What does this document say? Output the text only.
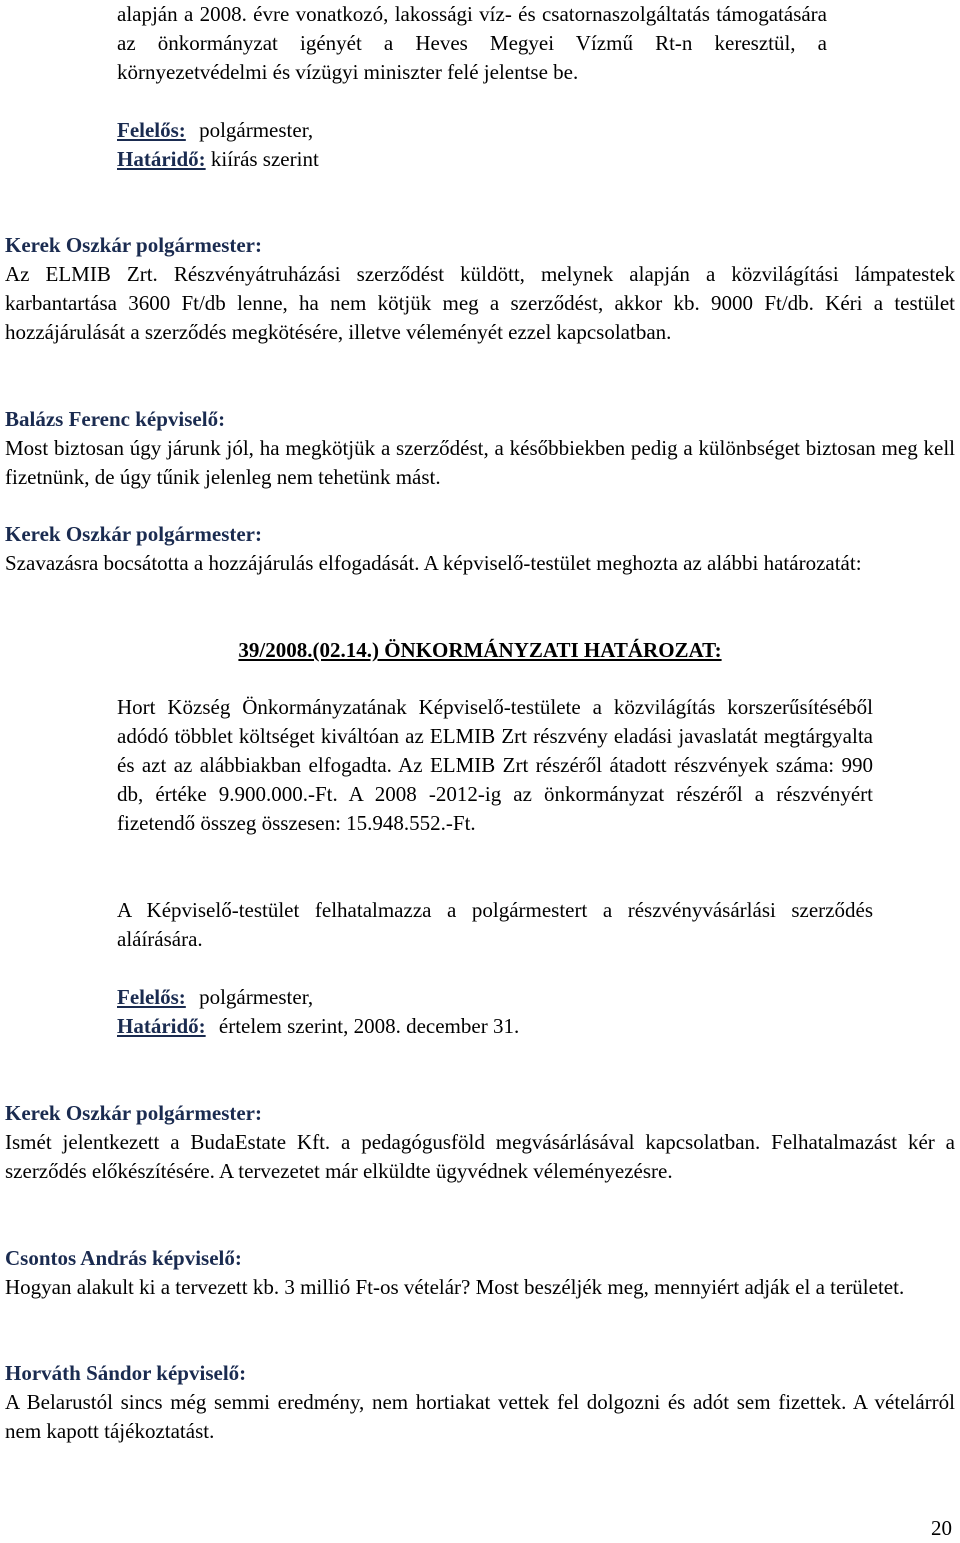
alapján a 2008. évre vonatkozó, lakossági víz- és csatornaszolgáltatás támogatására az önkormányzat igényét a Heves Megyei Vízmű Rt-n keresztül, a környezetvédelmi és vízügyi miniszter felé jelentse be.

Felelős: polgármester,
Határidő: kiírás szerint

Kerek Oszkár polgármester:

Az ELMIB Zrt. Részvényátruházási szerződést küldött, melynek alapján a közvilágítási lámpatestek karbantartása 3600 Ft/db lenne, ha nem kötjük meg a szerződést, akkor kb. 9000 Ft/db. Kéri a testület hozzájárulását a szerződés megkötésére, illetve véleményét ezzel kapcsolatban.

Balázs Ferenc képviselő:

Most biztosan úgy járunk jól, ha megkötjük a szerződést, a későbbiekben pedig a különbséget biztosan meg kell fizetnünk, de úgy tűnik jelenleg nem tehetünk mást.

Kerek Oszkár polgármester:

Szavazásra bocsátotta a hozzájárulás elfogadását. A képviselő-testület meghozta az alábbi határozatát:

39/2008.(02.14.) ÖNKORMÁNYZATI HATÁROZAT:

Hort Község Önkormányzatának Képviselő-testülete a közvilágítás korszerűsítéséből adódó többlet költséget kiváltóan az ELMIB Zrt részvény eladási javaslatát megtárgyalta és azt az alábbiakban elfogadta. Az ELMIB Zrt részéről átadott részvények száma: 990 db, értéke 9.900.000.-Ft. A 2008 -2012-ig az önkormányzat részéről a részvényért fizetendő összeg összesen: 15.948.552.-Ft.

A Képviselő-testület felhatalmazza a polgármestert a részvényvásárlási szerződés aláírására.

Felelős: polgármester,
Határidő: értelem szerint, 2008. december 31.

Kerek Oszkár polgármester:

Ismét jelentkezett a BudaEstate Kft. a pedagógusföld megvásárlásával kapcsolatban. Felhatalmazást kér a szerződés előkészítésére. A tervezetet már elküldte ügyvédnek véleményezésre.

Csontos András képviselő:

Hogyan alakult ki a tervezett kb. 3 millió Ft-os vételár? Most beszéljék meg, mennyiért adják el a területet.

Horváth Sándor képviselő:

A Belarustól sincs még semmi eredmény, nem hortiakat vettek fel dolgozni és adót sem fizettek. A vételárról nem kapott tájékoztatást.

20
